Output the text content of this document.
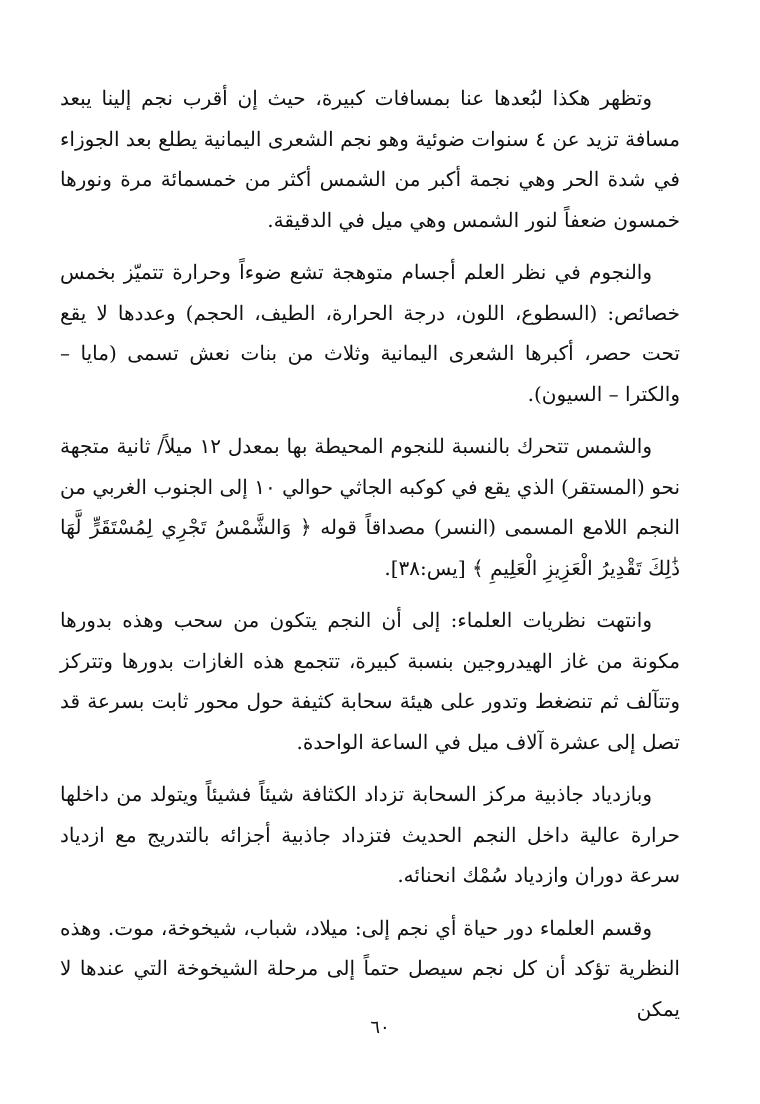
وتظهر هكذا لبُعدها عنا بمسافات كبيرة، حيث إن أقرب نجم إلينا يبعد مسافة تزيد عن ٤ سنوات ضوئية وهو نجم الشعرى اليمانية يطلع بعد الجوزاء في شدة الحر وهي نجمة أكبر من الشمس أكثر من خمسمائة مرة ونورها خمسون ضعفاً لنور الشمس وهي ميل في الدقيقة.

والنجوم في نظر العلم أجسام متوهجة تشع ضوءاً وحرارة تتميّز بخمس خصائص: (السطوع، اللون، درجة الحرارة، الطيف، الحجم) وعددها لا يقع تحت حصر، أكبرها الشعرى اليمانية وثلاث من بنات نعش تسمى (مايا – والكترا – السيون).

والشمس تتحرك بالنسبة للنجوم المحيطة بها بمعدل ١٢ ميلاً/ ثانية متجهة نحو (المستقر) الذي يقع في كوكبه الجاثي حوالي ١٠ إلى الجنوب الغربي من النجم اللامع المسمى (النسر) مصداقاً قوله ﴿ وَالشَّمْسُ تَجْرِي لِمُسْتَقَرٍّ لَّهَا ذَٰلِكَ تَقْدِيرُ الْعَزِيزِ الْعَلِيمِ ﴾ [يس:٣٨].

وانتهت نظريات العلماء: إلى أن النجم يتكون من سحب وهذه بدورها مكونة من غاز الهيدروجين بنسبة كبيرة، تتجمع هذه الغازات بدورها وتتركز وتتآلف ثم تنضغط وتدور على هيئة سحابة كثيفة حول محور ثابت بسرعة قد تصل إلى عشرة آلاف ميل في الساعة الواحدة.

وبازدياد جاذبية مركز السحابة تزداد الكثافة شيئاً فشيئاً ويتولد من داخلها حرارة عالية داخل النجم الحديث فتزداد جاذبية أجزائه بالتدريج مع ازدياد سرعة دوران وازدياد سُمْك انحنائه.

وقسم العلماء دور حياة أي نجم إلى: ميلاد، شباب، شيخوخة، موت. وهذه النظرية تؤكد أن كل نجم سيصل حتماً إلى مرحلة الشيخوخة التي عندها لا يمكن

٦٠
